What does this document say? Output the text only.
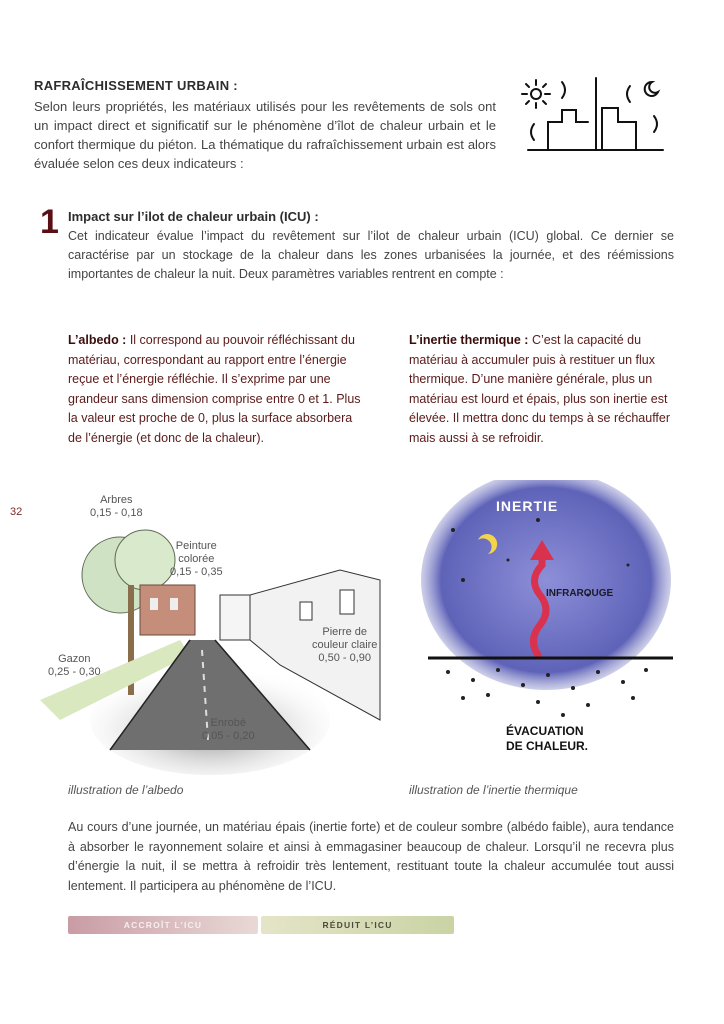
RAFRAÎCHISSEMENT URBAIN :
Selon leurs propriétés, les matériaux utilisés pour les revêtements de sols ont un impact direct et significatif sur le phénomène d’îlot de chaleur urbain et le confort thermique du piéton. La thématique du rafraîchissement urbain est alors évaluée selon ces deux indicateurs :
1 Impact sur l’ilot de chaleur urbain (ICU) :
Cet indicateur évalue l’impact du revêtement sur l’ilot de chaleur urbain (ICU) global. Ce dernier se caractérise par un stockage de la chaleur dans les zones urbanisées la journée, et des réémissions importantes de chaleur la nuit. Deux paramètres variables rentrent en compte :
L’albedo : Il correspond au pouvoir réfléchissant du matériau, correspondant au rapport entre l’énergie reçue et l’énergie réfléchie. Il s’exprime par une grandeur sans dimension comprise entre 0 et 1. Plus la valeur est proche de 0, plus la surface absorbera de l’énergie (et donc de la chaleur).
L’inertie thermique : C’est la capacité du matériau à accumuler puis à restituer un flux thermique. D’une manière générale, plus un matériau est lourd et épais, plus son inertie est élevée. Il mettra donc du temps à se réchauffer mais aussi à se refroidir.
32
Arbres
0,15 - 0,18
Peinture
colorée
0,15 - 0,35
Pierre de
couleur claire
0,50 - 0,90
Gazon
0,25 - 0,30
Enrobé
0,05 - 0,20
INERTIE
INFRAROUGE
ÉVACUATION
DE CHALEUR.
illustration de l’albedo	illustration de l’inertie thermique
Au cours d’une journée, un matériau épais (inertie forte) et de couleur sombre (albédo faible), aura tendance à absorber le rayonnement solaire et ainsi à emmagasiner beaucoup de chaleur. Lorsqu’il ne recevra plus d’énergie la nuit, il se mettra à refroidir très lentement, restituant toute la chaleur accumulée tout aussi lentement. Il participera au phénomène de l’ICU.
ACCROÎT L’ICU	RÉDUIT L’ICU
